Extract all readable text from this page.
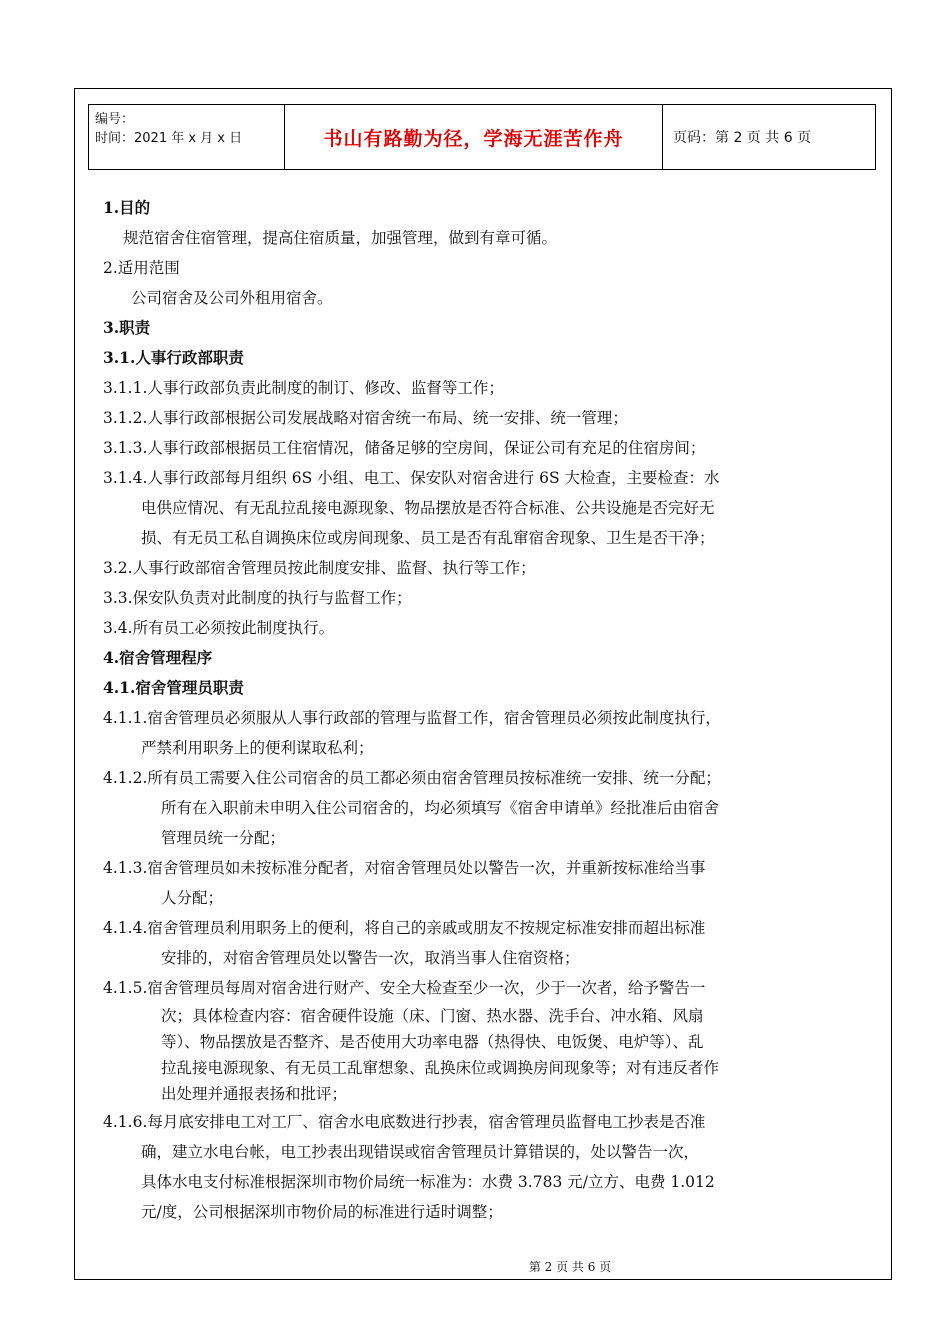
编号：
时间：2021 年 x 月 x 日	书山有路勤为径，学海无涯苦作舟	页码：第 2 页 共 6 页
1.目的
规范宿舍住宿管理，提高住宿质量，加强管理，做到有章可循。
2.适用范围
公司宿舍及公司外租用宿舍。
3.职责
3.1.人事行政部职责
3.1.1.人事行政部负责此制度的制订、修改、监督等工作；
3.1.2.人事行政部根据公司发展战略对宿舍统一布局、统一安排、统一管理；
3.1.3.人事行政部根据员工住宿情况，储备足够的空房间，保证公司有充足的住宿房间；
3.1.4.人事行政部每月组织 6S 小组、电工、保安队对宿舍进行 6S 大检查，主要检查：水
电供应情况、有无乱拉乱接电源现象、物品摆放是否符合标准、公共设施是否完好无
损、有无员工私自调换床位或房间现象、员工是否有乱窜宿舍现象、卫生是否干净；
3.2.人事行政部宿舍管理员按此制度安排、监督、执行等工作；
3.3.保安队负责对此制度的执行与监督工作；
3.4.所有员工必须按此制度执行。
4.宿舍管理程序
4.1.宿舍管理员职责
4.1.1.宿舍管理员必须服从人事行政部的管理与监督工作，宿舍管理员必须按此制度执行，
严禁利用职务上的便利谋取私利；
4.1.2.所有员工需要入住公司宿舍的员工都必须由宿舍管理员按标准统一安排、统一分配；
所有在入职前未申明入住公司宿舍的，均必须填写《宿舍申请单》经批准后由宿舍
管理员统一分配；
4.1.3.宿舍管理员如未按标准分配者，对宿舍管理员处以警告一次，并重新按标准给当事
人分配；
4.1.4.宿舍管理员利用职务上的便利，将自己的亲戚或朋友不按规定标准安排而超出标准
安排的，对宿舍管理员处以警告一次，取消当事人住宿资格；
4.1.5.宿舍管理员每周对宿舍进行财产、安全大检查至少一次，少于一次者，给予警告一
次；具体检查内容：宿舍硬件设施（床、门窗、热水器、洗手台、冲水箱、风扇
等）、物品摆放是否整齐、是否使用大功率电器（热得快、电饭煲、电炉等）、乱
拉乱接电源现象、有无员工乱窜想象、乱换床位或调换房间现象等；对有违反者作
出处理并通报表扬和批评；
4.1.6.每月底安排电工对工厂、宿舍水电底数进行抄表，宿舍管理员监督电工抄表是否准
确，建立水电台帐，电工抄表出现错误或宿舍管理员计算错误的，处以警告一次，
具体水电支付标准根据深圳市物价局统一标准为：水费 3.783 元/立方、电费 1.012
元/度，公司根据深圳市物价局的标准进行适时调整；
第 2 页 共 6 页
